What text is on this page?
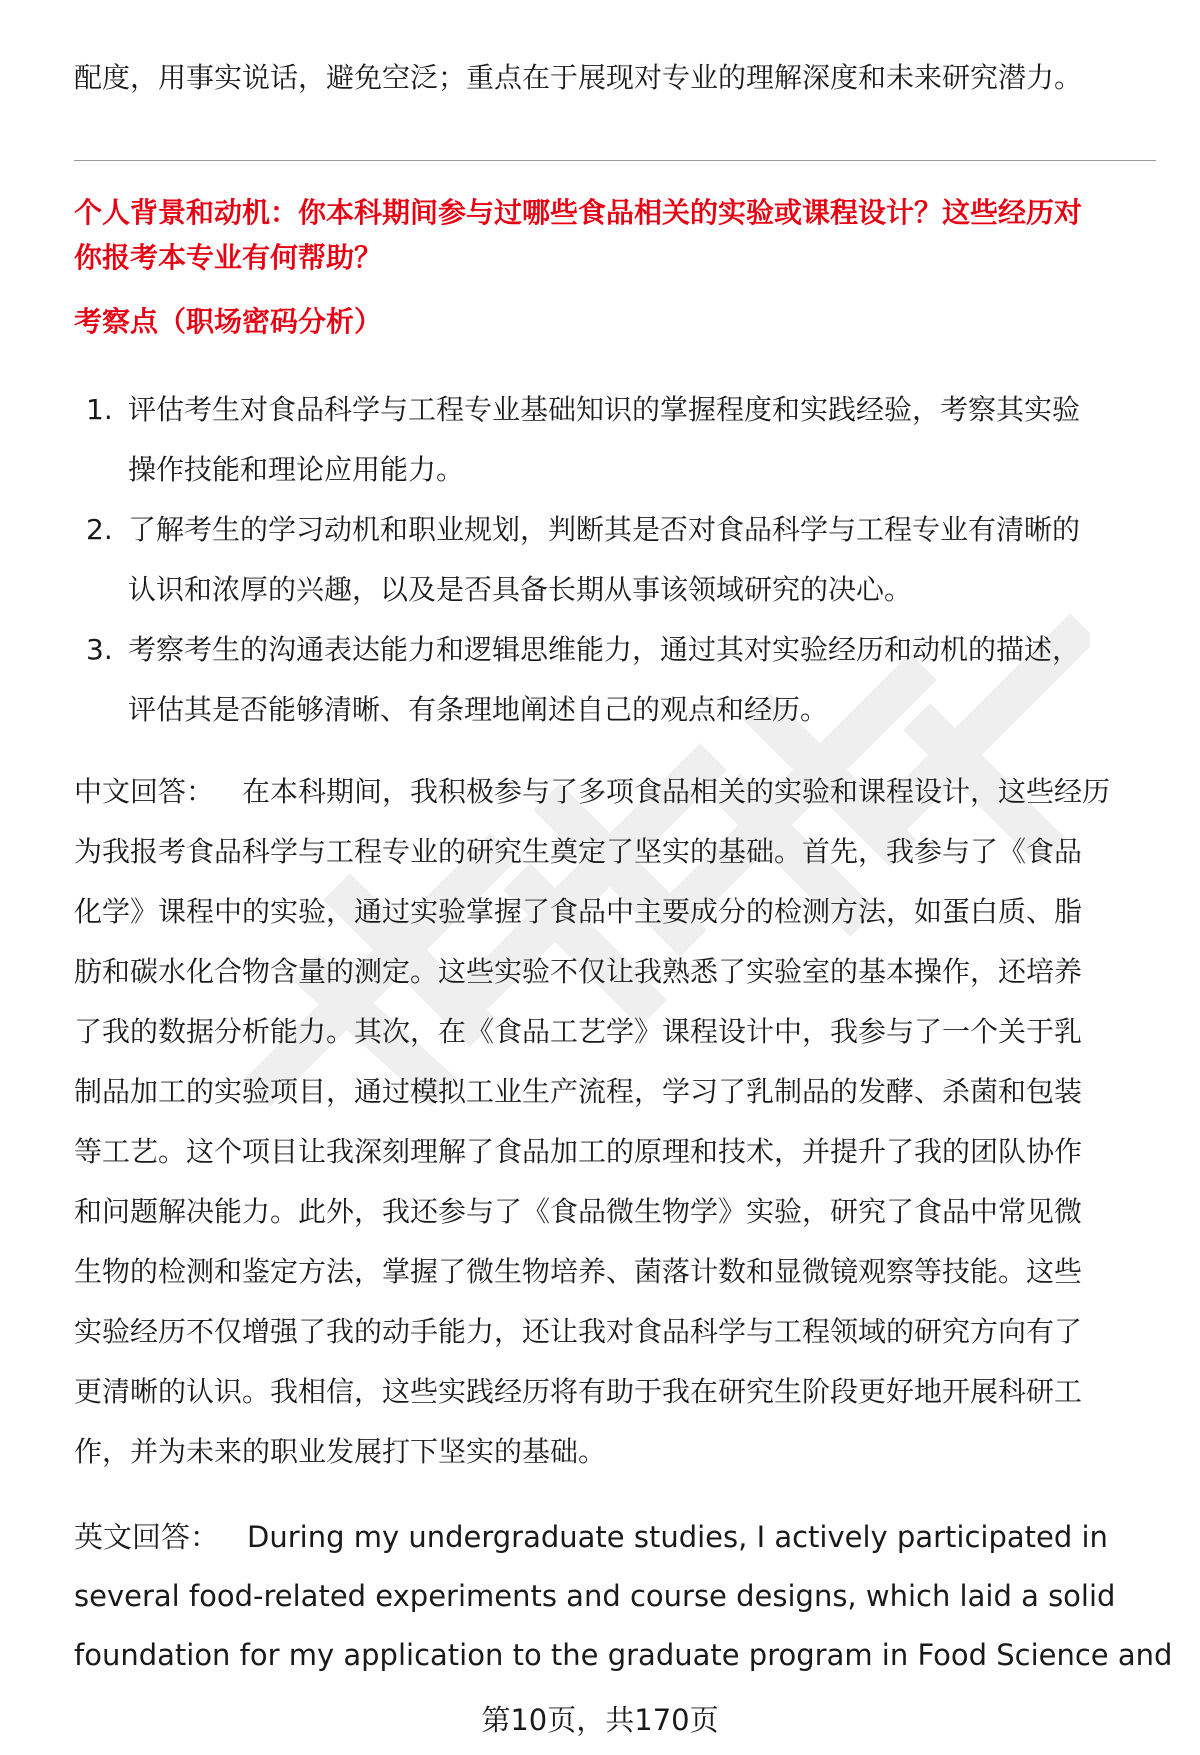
配度，用事实说话，避免空泛；重点在于展现对专业的理解深度和未来研究潜力。
个人背景和动机：你本科期间参与过哪些食品相关的实验或课程设计？这些经历对
你报考本专业有何帮助？
考察点（职场密码分析）
1. 评估考生对食品科学与工程专业基础知识的掌握程度和实践经验，考察其实验
操作技能和理论应用能力。
2. 了解考生的学习动机和职业规划，判断其是否对食品科学与工程专业有清晰的
认识和浓厚的兴趣，以及是否具备长期从事该领域研究的决心。
3. 考察考生的沟通表达能力和逻辑思维能力，通过其对实验经历和动机的描述，
评估其是否能够清晰、有条理地阐述自己的观点和经历。
中文回答： 在本科期间，我积极参与了多项食品相关的实验和课程设计，这些经历
为我报考食品科学与工程专业的研究生奠定了坚实的基础。首先，我参与了《食品
化学》课程中的实验，通过实验掌握了食品中主要成分的检测方法，如蛋白质、脂
肪和碳水化合物含量的测定。这些实验不仅让我熟悉了实验室的基本操作，还培养
了我的数据分析能力。其次，在《食品工艺学》课程设计中，我参与了一个关于乳
制品加工的实验项目，通过模拟工业生产流程，学习了乳制品的发酵、杀菌和包装
等工艺。这个项目让我深刻理解了食品加工的原理和技术，并提升了我的团队协作
和问题解决能力。此外，我还参与了《食品微生物学》实验，研究了食品中常见微
生物的检测和鉴定方法，掌握了微生物培养、菌落计数和显微镜观察等技能。这些
实验经历不仅增强了我的动手能力，还让我对食品科学与工程领域的研究方向有了
更清晰的认识。我相信，这些实践经历将有助于我在研究生阶段更好地开展科研工
作，并为未来的职业发展打下坚实的基础。
英文回答： During my undergraduate studies, I actively participated in
several food-related experiments and course designs, which laid a solid
foundation for my application to the graduate program in Food Science and
第10页，共170页
